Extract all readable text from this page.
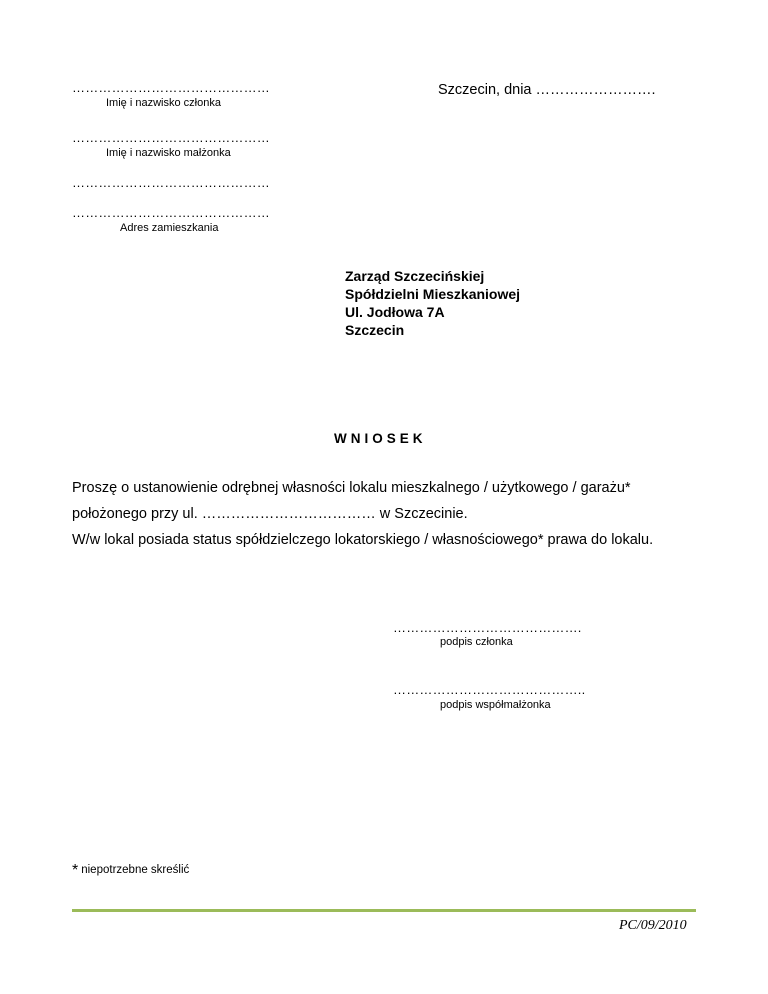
………………………………………
Imię i nazwisko członka
Szczecin, dnia …………………….
………………………………………
Imię i nazwisko małżonka
………………………………………
………………………………………
Adres zamieszkania
Zarząd Szczecińskiej
Spółdzielni Mieszkaniowej
Ul. Jodłowa 7A
Szczecin
WNIOSEK
Proszę o ustanowienie odrębnej własności lokalu mieszkalnego / użytkowego / garażu*
położonego przy ul. ……………………………… w Szczecinie.
W/w lokal posiada status spółdzielczego lokatorskiego / własnościowego* prawa do lokalu.
…………………………………….
podpis członka
……………………………………..
podpis współmałżonka
* niepotrzebne skreślić
PC/09/2010
